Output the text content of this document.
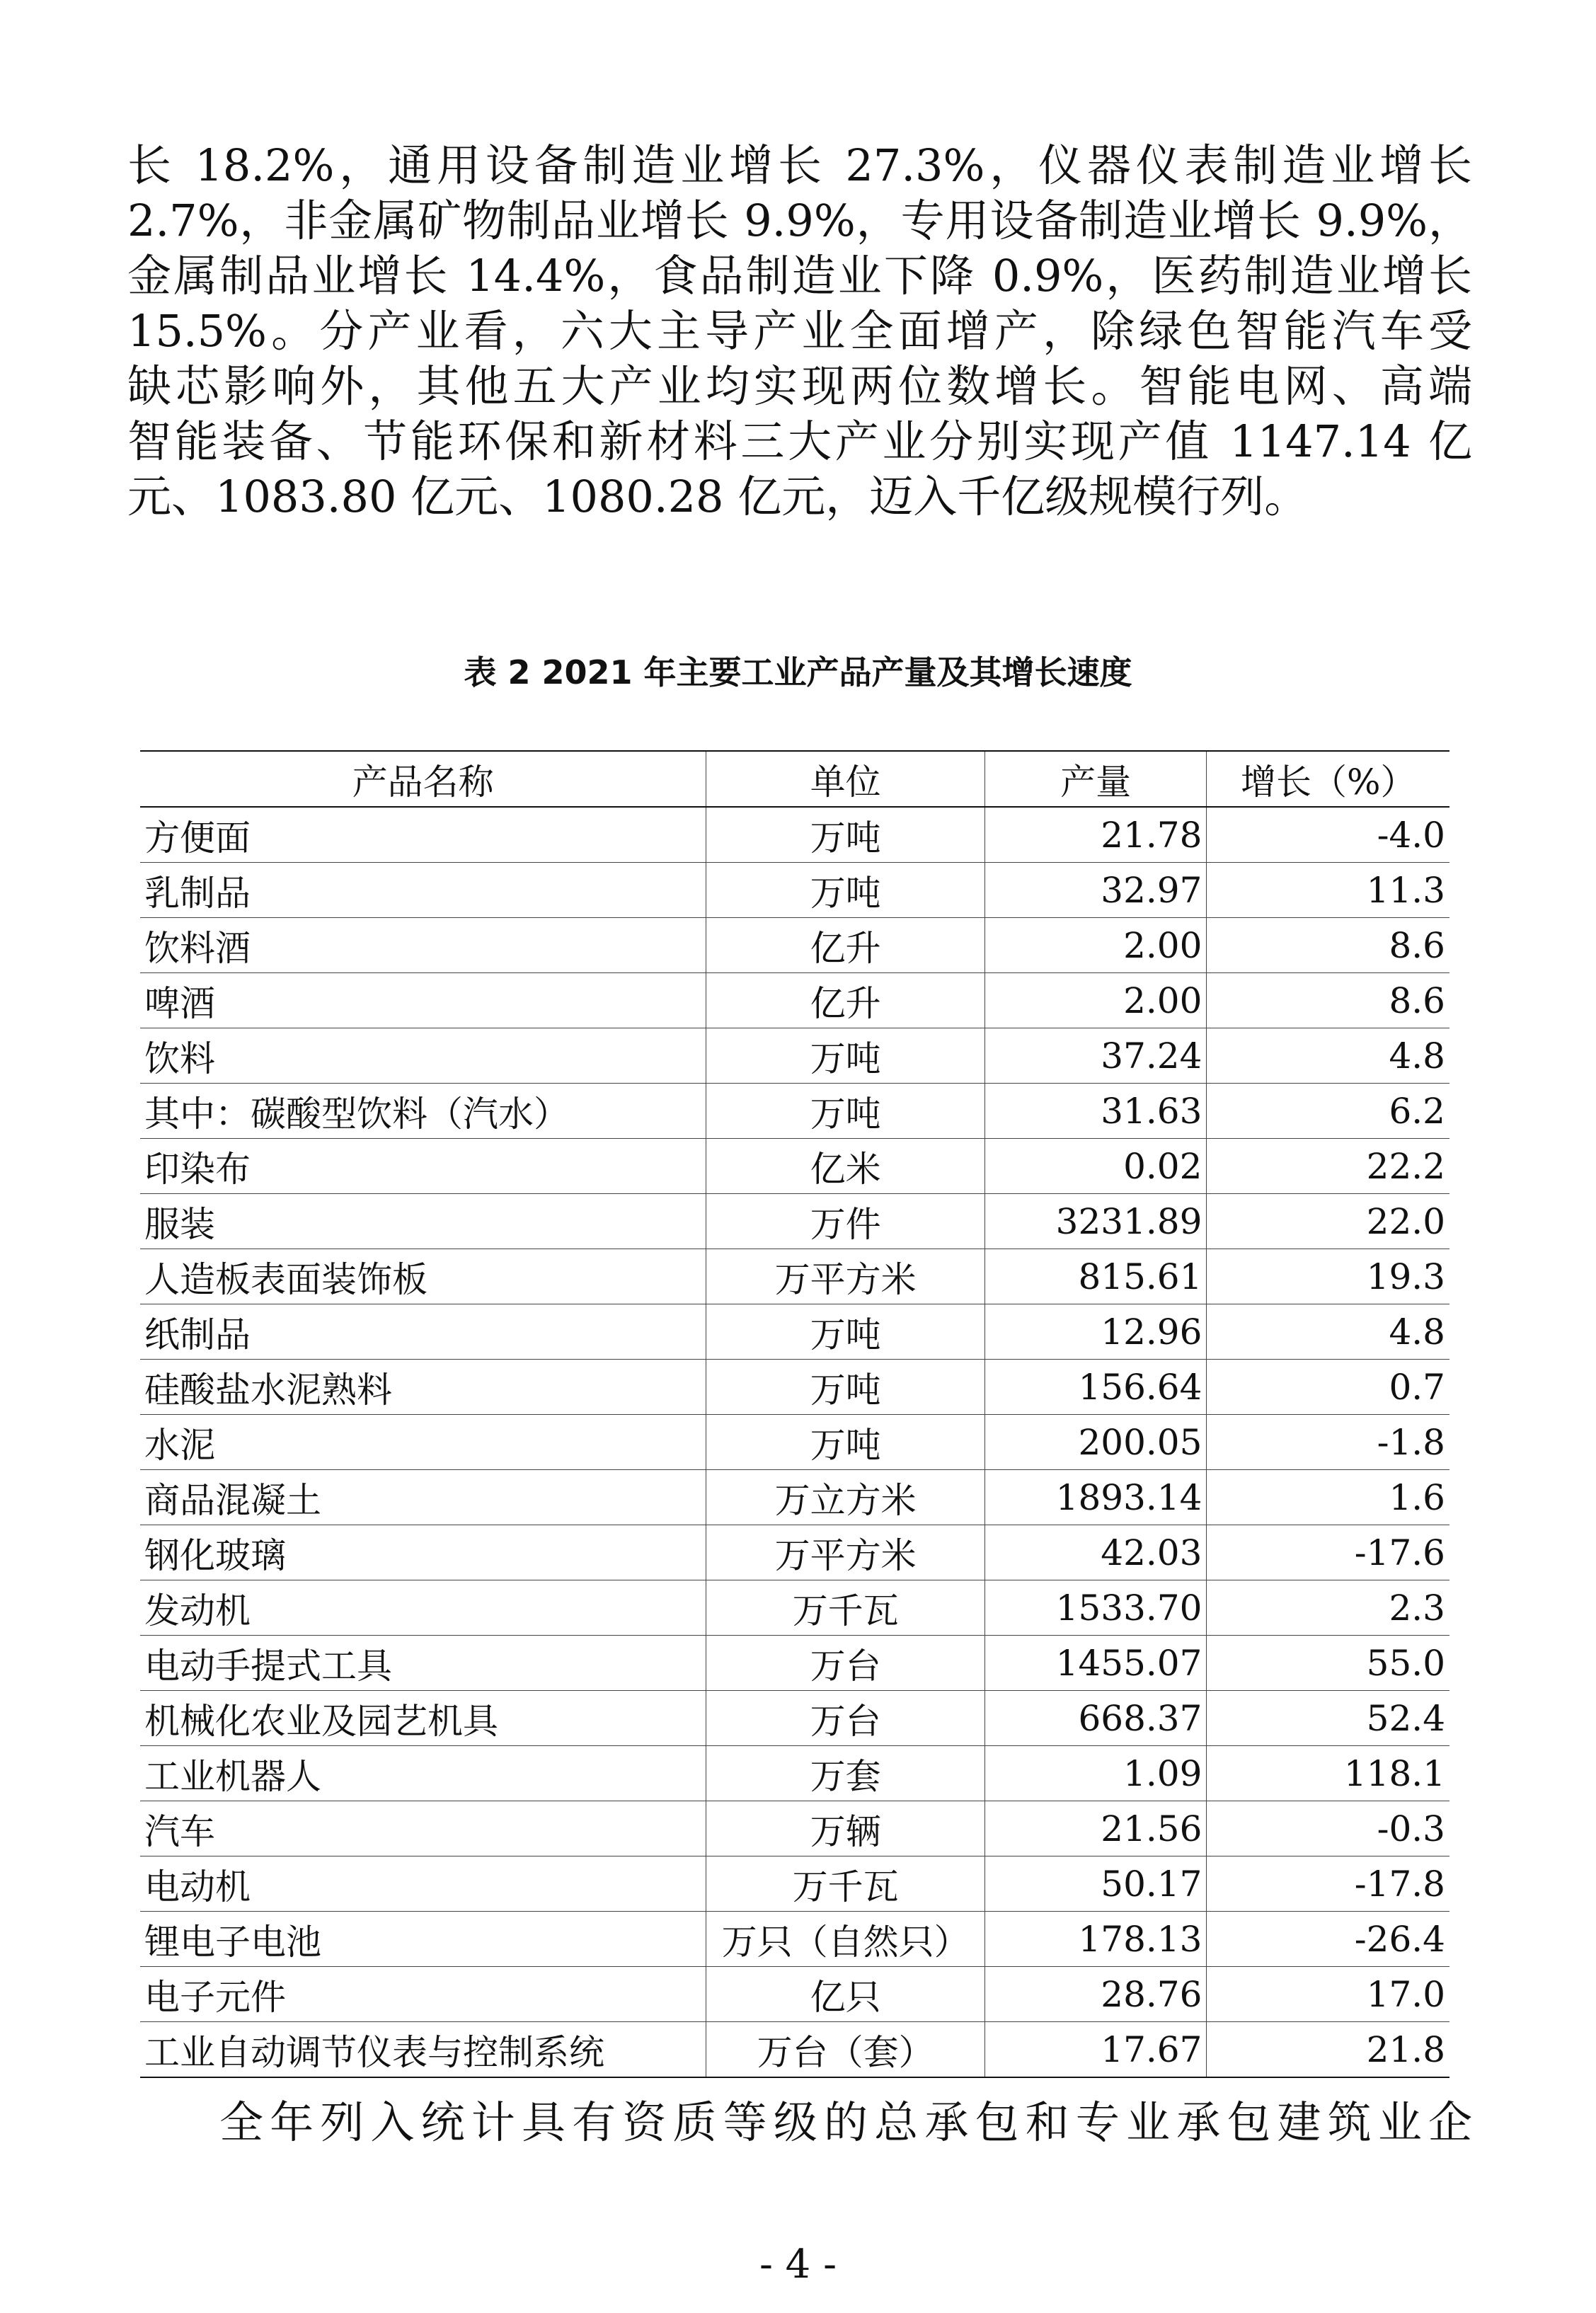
长 18.2%，通用设备制造业增长 27.3%，仪器仪表制造业增长
2.7%，非金属矿物制品业增长 9.9%，专用设备制造业增长 9.9%，
金属制品业增长 14.4%，食品制造业下降 0.9%，医药制造业增长
15.5%。分产业看，六大主导产业全面增产，除绿色智能汽车受
缺芯影响外，其他五大产业均实现两位数增长。智能电网、高端
智能装备、节能环保和新材料三大产业分别实现产值 1147.14 亿
元、1083.80 亿元、1080.28 亿元，迈入千亿级规模行列。
表 2 2021 年主要工业产品产量及其增长速度
产品名称	单位	产量	增长（%）
方便面	万吨	21.78	-4.0
乳制品	万吨	32.97	11.3
饮料酒	亿升	2.00	8.6
啤酒	亿升	2.00	8.6
饮料	万吨	37.24	4.8
其中：碳酸型饮料（汽水）	万吨	31.63	6.2
印染布	亿米	0.02	22.2
服装	万件	3231.89	22.0
人造板表面装饰板	万平方米	815.61	19.3
纸制品	万吨	12.96	4.8
硅酸盐水泥熟料	万吨	156.64	0.7
水泥	万吨	200.05	-1.8
商品混凝土	万立方米	1893.14	1.6
钢化玻璃	万平方米	42.03	-17.6
发动机	万千瓦	1533.70	2.3
电动手提式工具	万台	1455.07	55.0
机械化农业及园艺机具	万台	668.37	52.4
工业机器人	万套	1.09	118.1
汽车	万辆	21.56	-0.3
电动机	万千瓦	50.17	-17.8
锂电子电池	万只（自然只）	178.13	-26.4
电子元件	亿只	28.76	17.0
工业自动调节仪表与控制系统	万台（套）	17.67	21.8
全年列入统计具有资质等级的总承包和专业承包建筑业企
- 4 -
